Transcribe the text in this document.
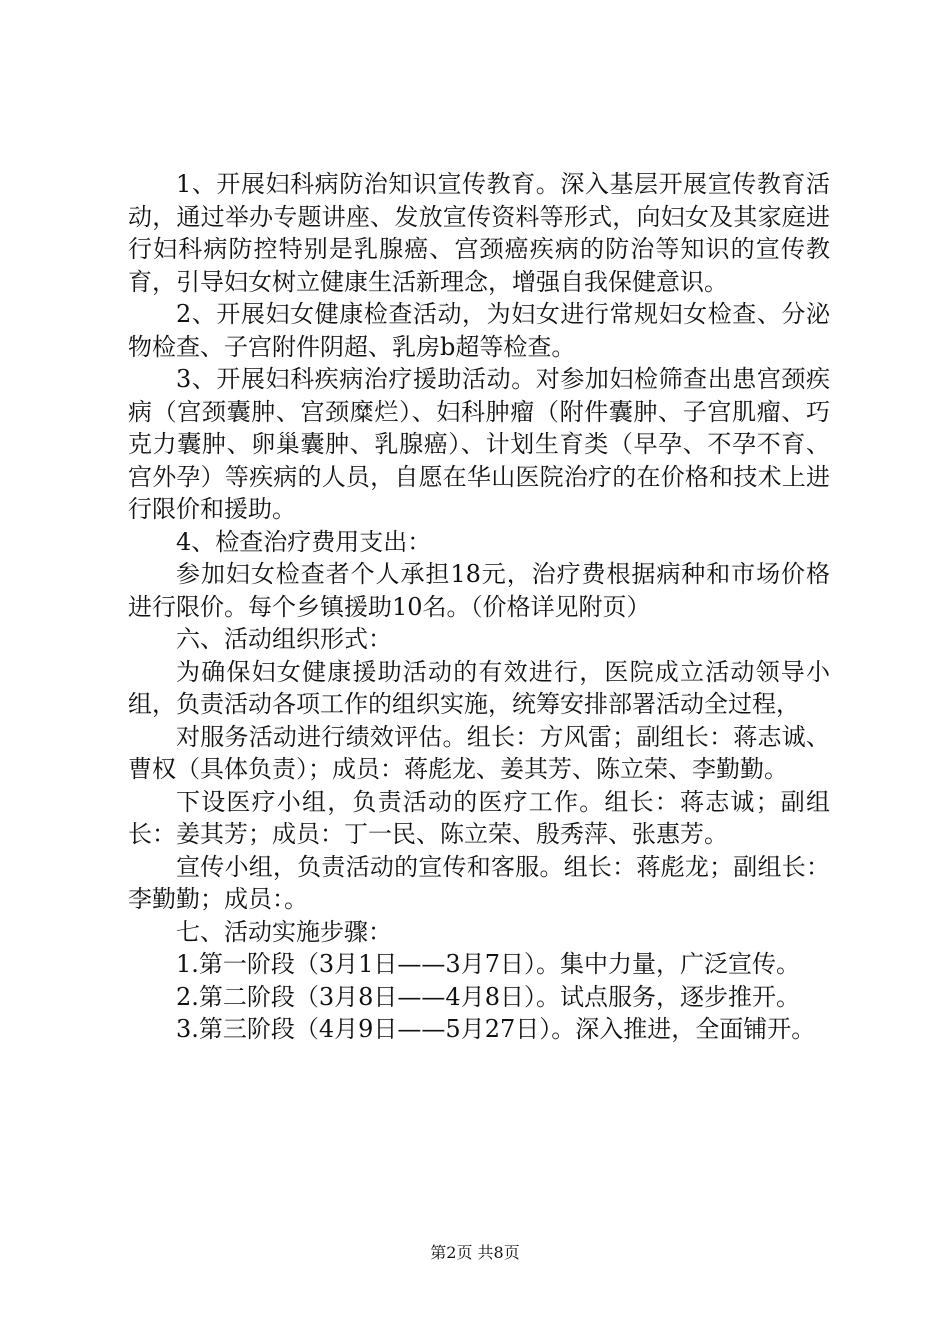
1、开展妇科病防治知识宣传教育。深入基层开展宣传教育活动，通过举办专题讲座、发放宣传资料等形式，向妇女及其家庭进行妇科病防控特别是乳腺癌、宫颈癌疾病的防治等知识的宣传教育，引导妇女树立健康生活新理念，增强自我保健意识。

2、开展妇女健康检查活动，为妇女进行常规妇女检查、分泌物检查、子宫附件阴超、乳房b超等检查。

3、开展妇科疾病治疗援助活动。对参加妇检筛查出患宫颈疾病（宫颈囊肿、宫颈糜烂）、妇科肿瘤（附件囊肿、子宫肌瘤、巧克力囊肿、卵巢囊肿、乳腺癌）、计划生育类（早孕、不孕不育、宫外孕）等疾病的人员，自愿在华山医院治疗的在价格和技术上进行限价和援助。

4、检查治疗费用支出：

参加妇女检查者个人承担18元，治疗费根据病种和市场价格进行限价。每个乡镇援助10名。（价格详见附页）

六、活动组织形式：

为确保妇女健康援助活动的有效进行，医院成立活动领导小组，负责活动各项工作的组织实施，统筹安排部署活动全过程，

对服务活动进行绩效评估。组长：方风雷；副组长：蒋志诚、曹权（具体负责）；成员：蒋彪龙、姜其芳、陈立荣、李勤勤。

下设医疗小组，负责活动的医疗工作。组长：蒋志诚；副组长：姜其芳；成员：丁一民、陈立荣、殷秀萍、张惠芳。

宣传小组，负责活动的宣传和客服。组长：蒋彪龙；副组长：李勤勤；成员：。

七、活动实施步骤：

1.第一阶段（3月1日——3月7日）。集中力量，广泛宣传。

2.第二阶段（3月8日——4月8日）。试点服务，逐步推开。

3.第三阶段（4月9日——5月27日）。深入推进，全面铺开。

第2页 共8页
